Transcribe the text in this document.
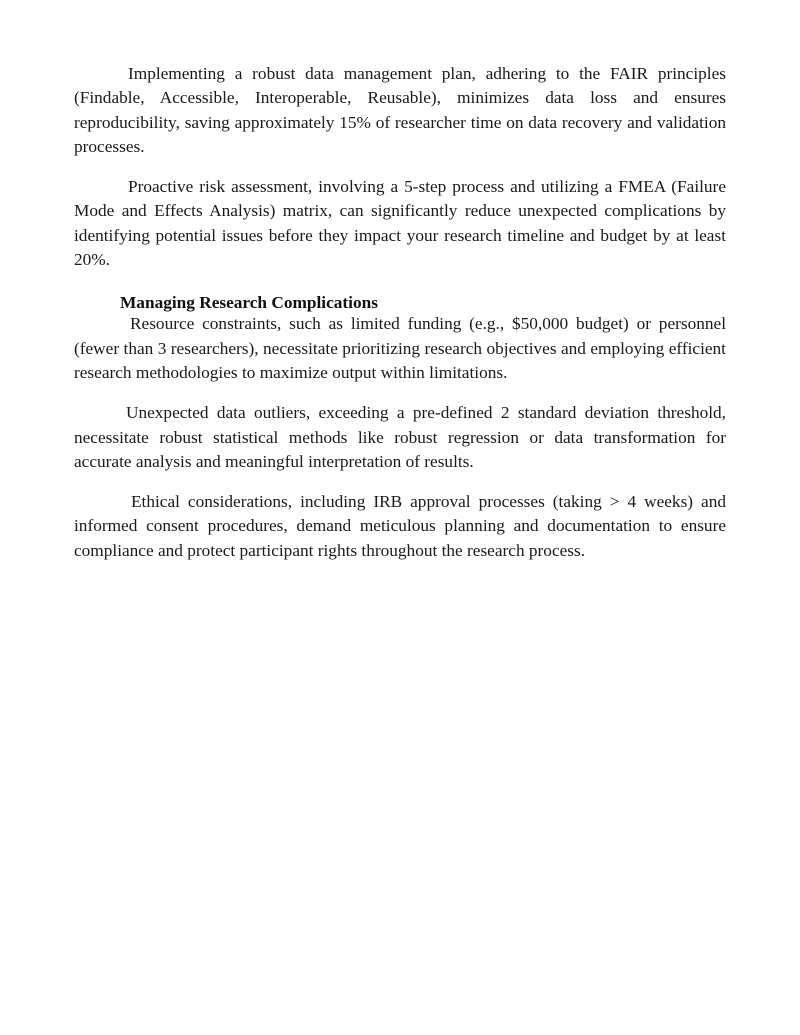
Implementing a robust data management plan, adhering to the FAIR principles (Findable, Accessible, Interoperable, Reusable), minimizes data loss and ensures reproducibility, saving approximately 15% of researcher time on data recovery and validation processes.

Proactive risk assessment, involving a 5-step process and utilizing a FMEA (Failure Mode and Effects Analysis) matrix, can significantly reduce unexpected complications by identifying potential issues before they impact your research timeline and budget by at least 20%.

Managing Research Complications

Resource constraints, such as limited funding (e.g., $50,000 budget) or personnel (fewer than 3 researchers), necessitate prioritizing research objectives and employing efficient research methodologies to maximize output within limitations.

Unexpected data outliers, exceeding a pre-defined 2 standard deviation threshold, necessitate robust statistical methods like robust regression or data transformation for accurate analysis and meaningful interpretation of results.

Ethical considerations, including IRB approval processes (taking > 4 weeks) and informed consent procedures, demand meticulous planning and documentation to ensure compliance and protect participant rights throughout the research process.
